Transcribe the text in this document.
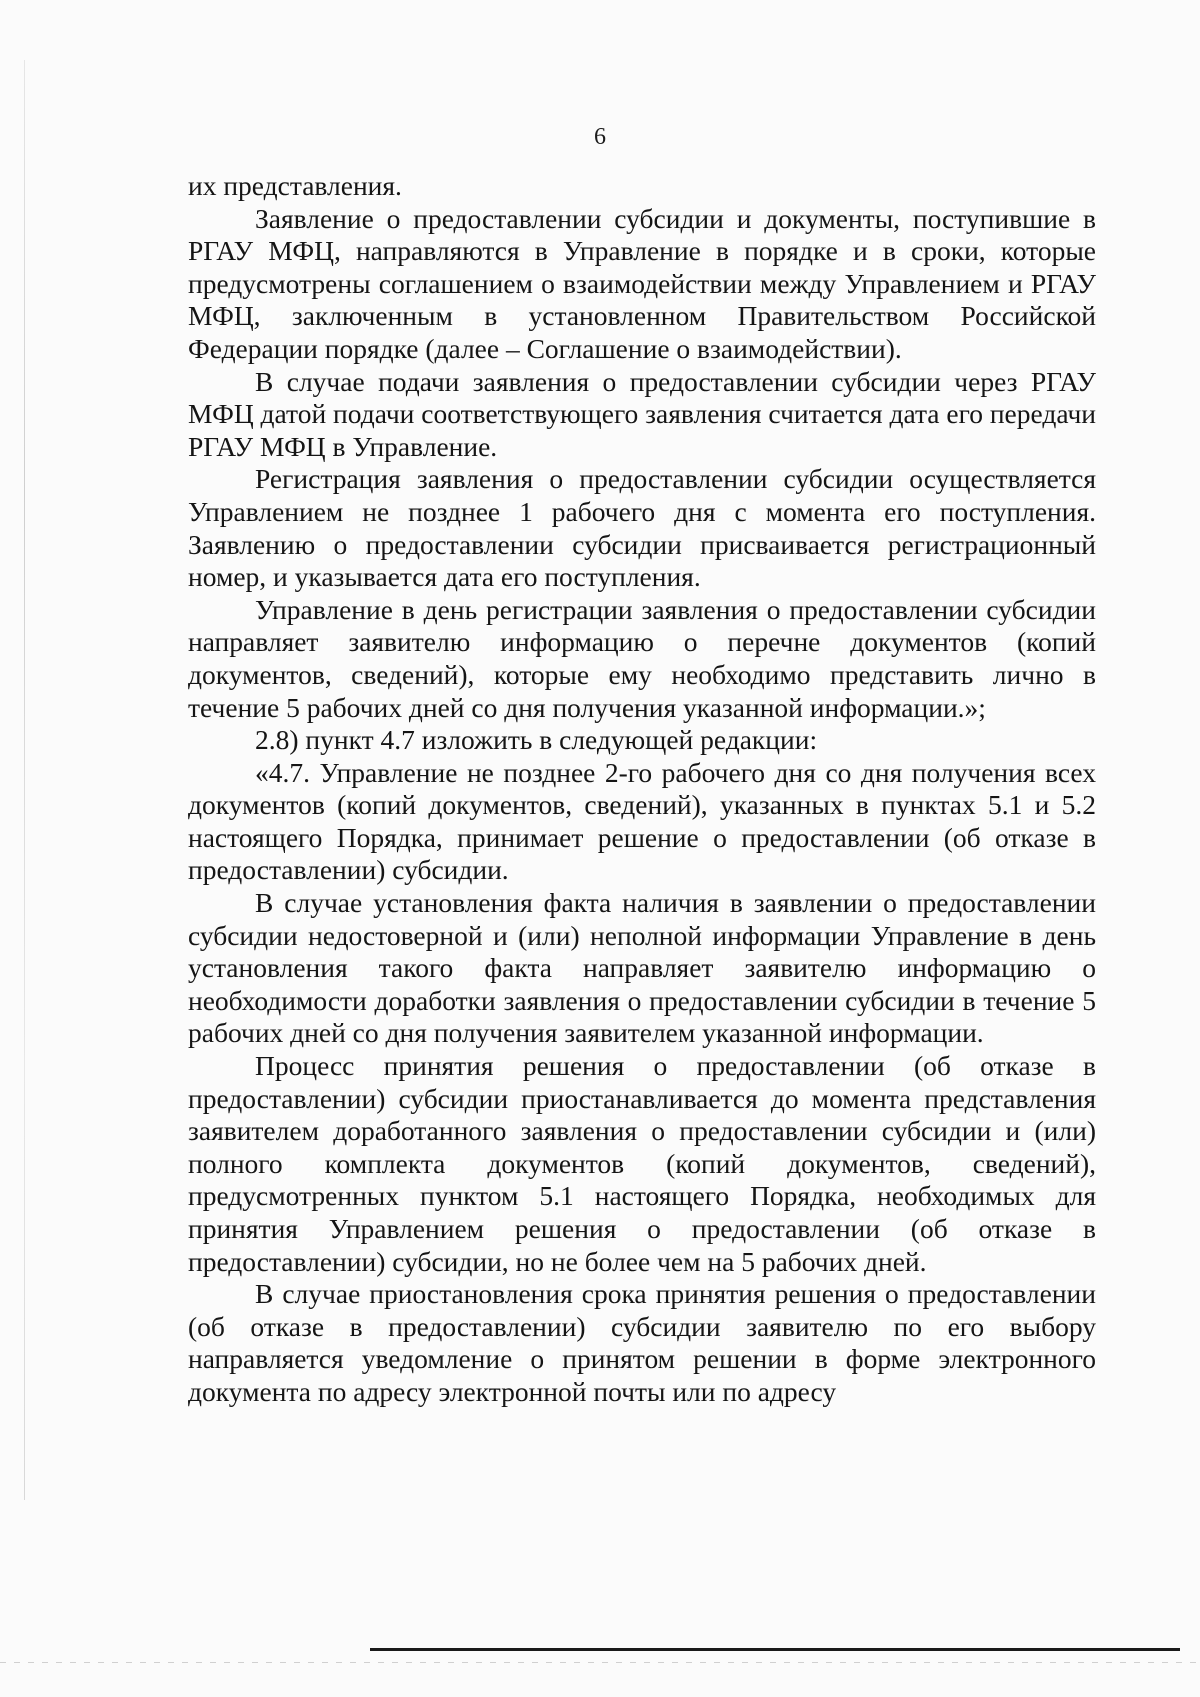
6

их представления.

Заявление о предоставлении субсидии и документы, поступившие в РГАУ МФЦ, направляются в Управление в порядке и в сроки, которые предусмотрены соглашением о взаимодействии между Управлением и РГАУ МФЦ, заключенным в установленном Правительством Российской Федерации порядке (далее – Соглашение о взаимодействии).

В случае подачи заявления о предоставлении субсидии через РГАУ МФЦ датой подачи соответствующего заявления считается дата его передачи РГАУ МФЦ в Управление.

Регистрация заявления о предоставлении субсидии осуществляется Управлением не позднее 1 рабочего дня с момента его поступления. Заявлению о предоставлении субсидии присваивается регистрационный номер, и указывается дата его поступления.

Управление в день регистрации заявления о предоставлении субсидии направляет заявителю информацию о перечне документов (копий документов, сведений), которые ему необходимо представить лично в течение 5 рабочих дней со дня получения указанной информации.»;

2.8) пункт 4.7 изложить в следующей редакции:

«4.7. Управление не позднее 2-го рабочего дня со дня получения всех документов (копий документов, сведений), указанных в пунктах 5.1 и 5.2 настоящего Порядка, принимает решение о предоставлении (об отказе в предоставлении) субсидии.

В случае установления факта наличия в заявлении о предоставлении субсидии недостоверной и (или) неполной информации Управление в день установления такого факта направляет заявителю информацию о необходимости доработки заявления о предоставлении субсидии в течение 5 рабочих дней со дня получения заявителем указанной информации.

Процесс принятия решения о предоставлении (об отказе в предоставлении) субсидии приостанавливается до момента представления заявителем доработанного заявления о предоставлении субсидии и (или) полного комплекта документов (копий документов, сведений), предусмотренных пунктом 5.1 настоящего Порядка, необходимых для принятия Управлением решения о предоставлении (об отказе в предоставлении) субсидии, но не более чем на 5 рабочих дней.

В случае приостановления срока принятия решения о предоставлении (об отказе в предоставлении) субсидии заявителю по его выбору направляется уведомление о принятом решении в форме электронного документа по адресу электронной почты или по адресу
